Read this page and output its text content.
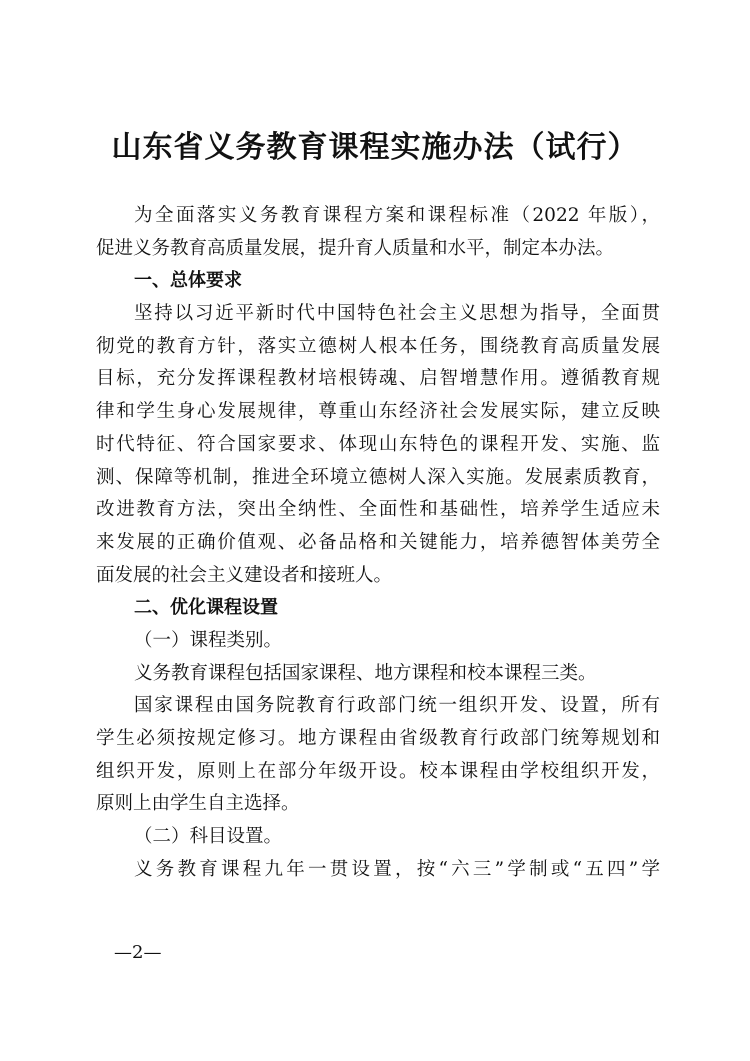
山东省义务教育课程实施办法（试行）
为全面落实义务教育课程方案和课程标准（2022 年版），
促进义务教育高质量发展，提升育人质量和水平，制定本办法。
一、总体要求
坚持以习近平新时代中国特色社会主义思想为指导，全面贯
彻党的教育方针，落实立德树人根本任务，围绕教育高质量发展
目标，充分发挥课程教材培根铸魂、启智增慧作用。遵循教育规
律和学生身心发展规律，尊重山东经济社会发展实际，建立反映
时代特征、符合国家要求、体现山东特色的课程开发、实施、监
测、保障等机制，推进全环境立德树人深入实施。发展素质教育，
改进教育方法，突出全纳性、全面性和基础性，培养学生适应未
来发展的正确价值观、必备品格和关键能力，培养德智体美劳全
面发展的社会主义建设者和接班人。
二、优化课程设置
（一）课程类别。
义务教育课程包括国家课程、地方课程和校本课程三类。
国家课程由国务院教育行政部门统一组织开发、设置，所有
学生必须按规定修习。地方课程由省级教育行政部门统筹规划和
组织开发，原则上在部分年级开设。校本课程由学校组织开发，
原则上由学生自主选择。
（二）科目设置。
义务教育课程九年一贯设置，按“六三”学制或“五四”学
—2—
